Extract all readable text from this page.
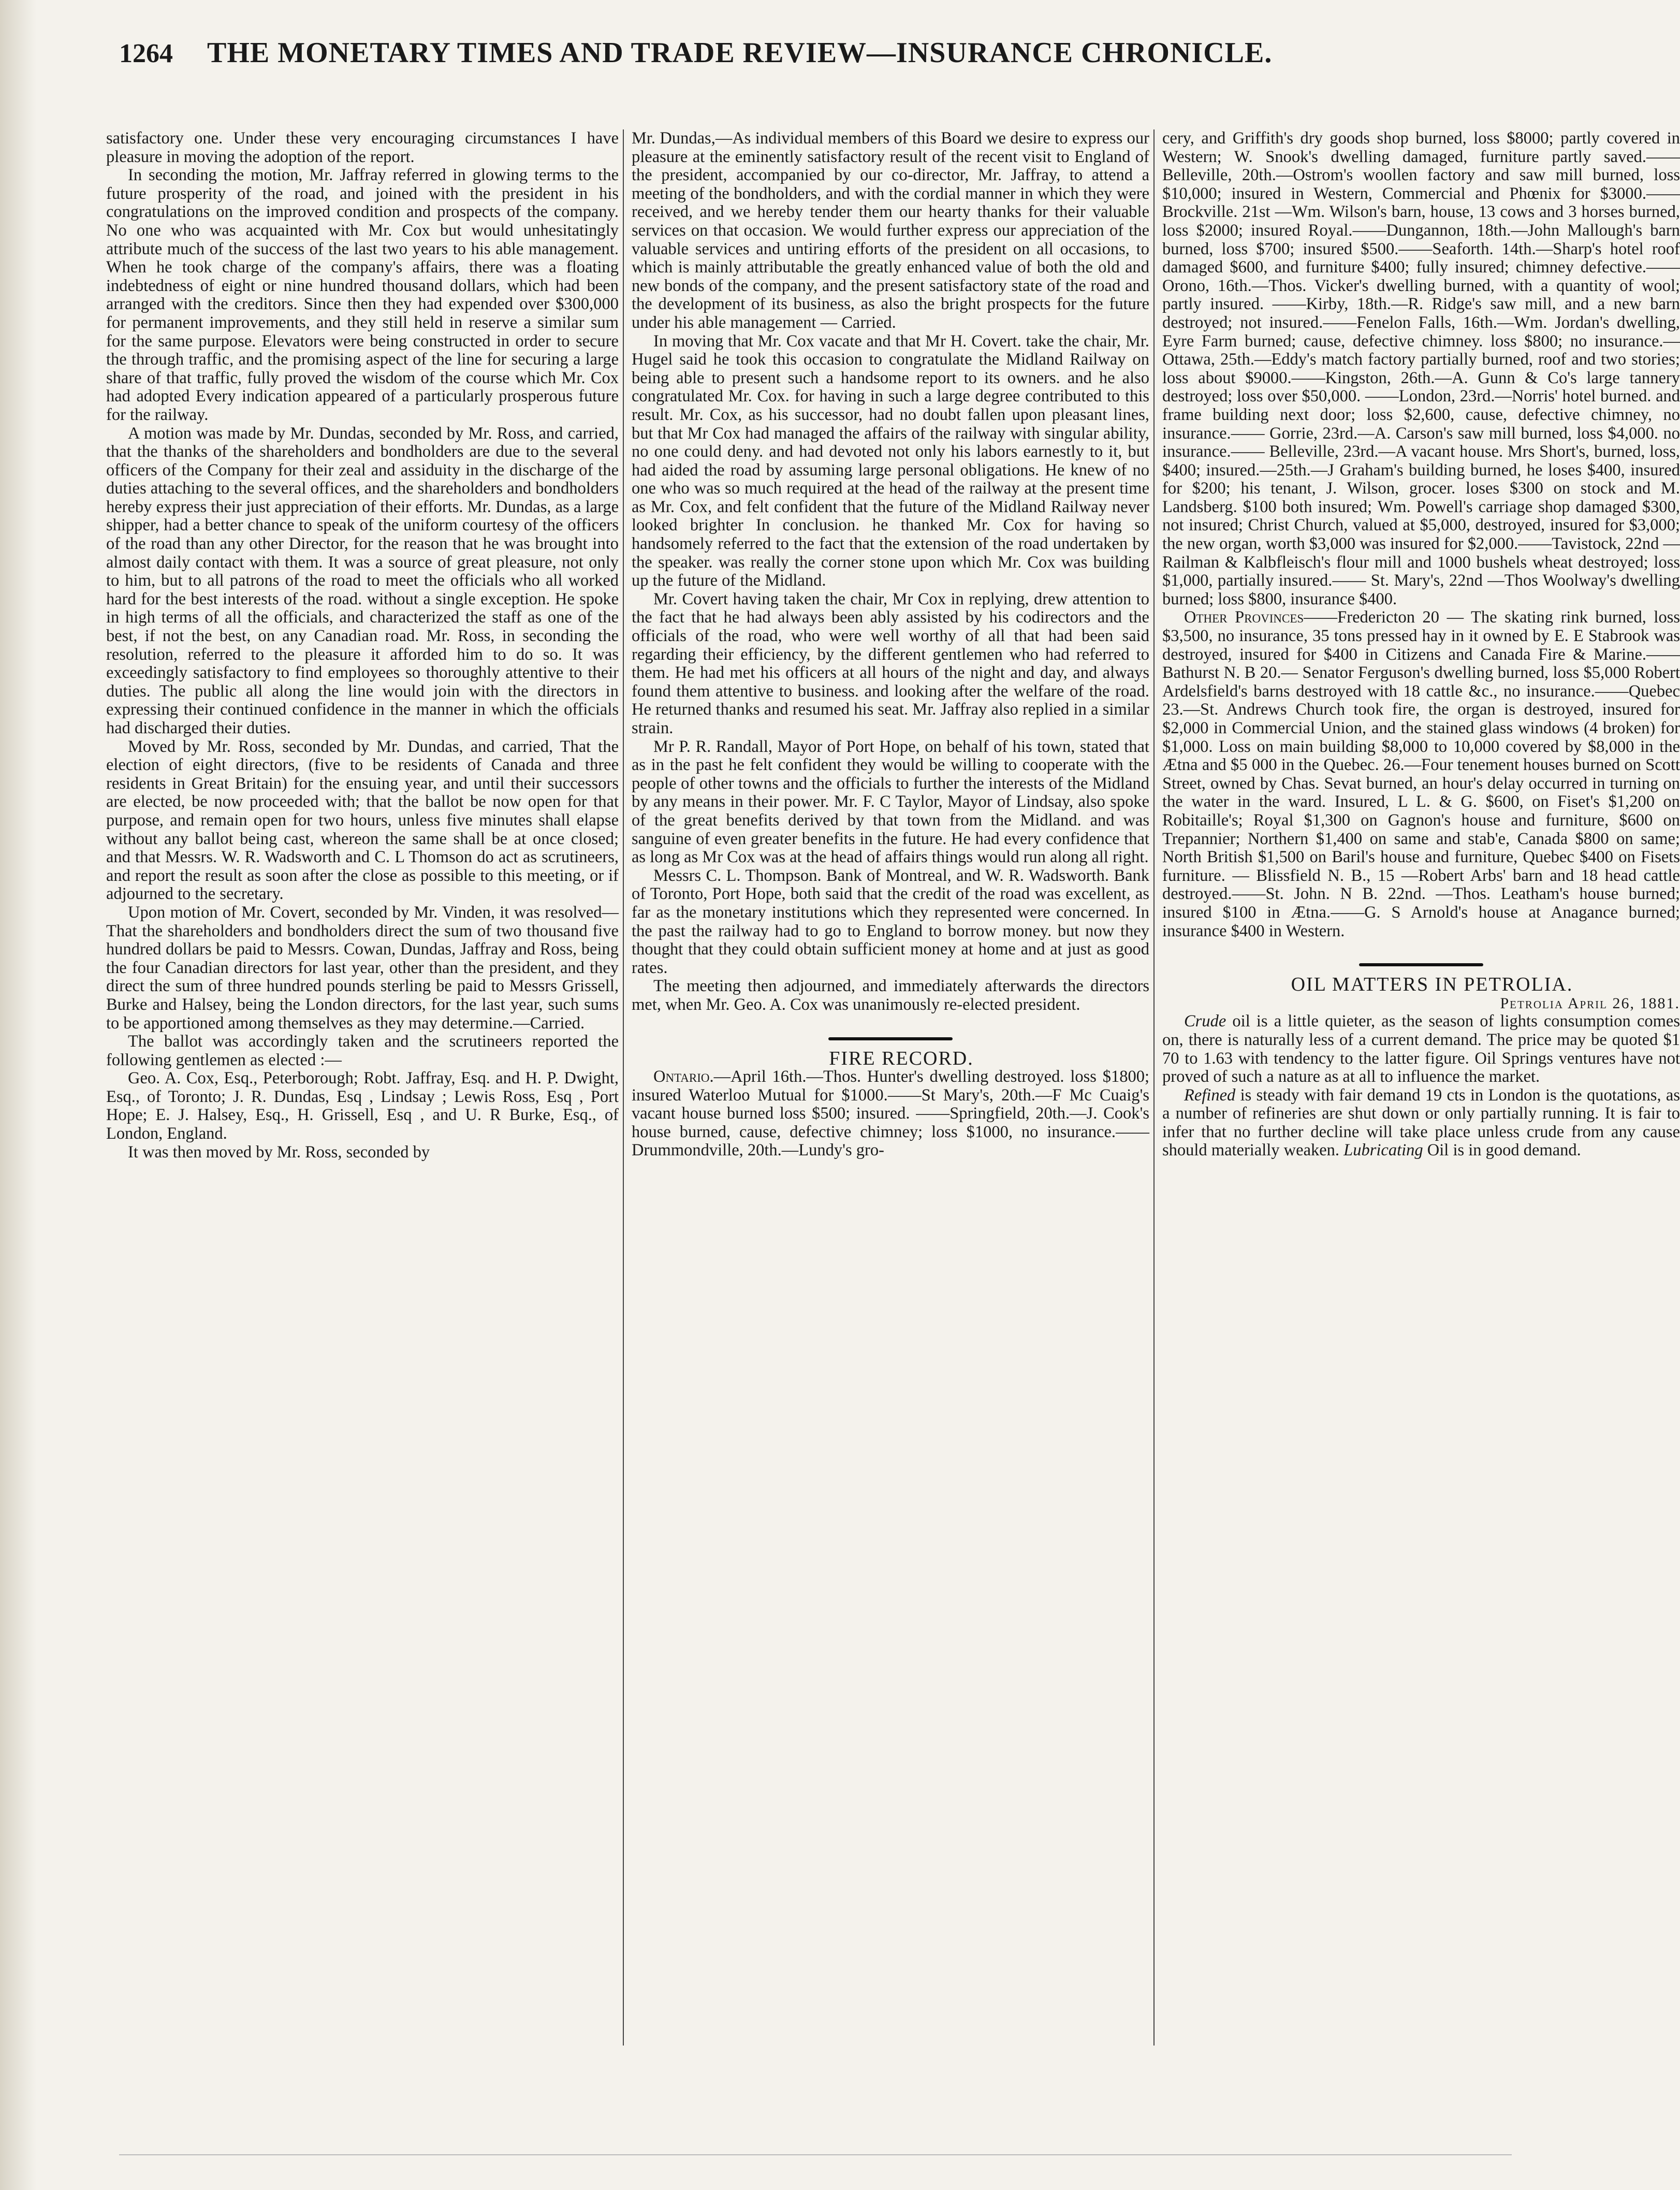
1264	THE MONETARY TIMES AND TRADE REVIEW—INSURANCE CHRONICLE.

satisfactory one. Under these very encouraging circumstances I have pleasure in moving the adoption of the report.

In seconding the motion, Mr. Jaffray referred in glowing terms to the future prosperity of the road, and joined with the president in his congratulations on the improved condition and prospects of the company. No one who was acquainted with Mr. Cox but would unhesitatingly attribute much of the success of the last two years to his able management. When he took charge of the company's affairs, there was a floating indebtedness of eight or nine hundred thousand dollars, which had been arranged with the creditors. Since then they had expended over $300,000 for permanent improvements, and they still held in reserve a similar sum for the same purpose. Elevators were being constructed in order to secure the through traffic, and the promising aspect of the line for securing a large share of that traffic, fully proved the wisdom of the course which Mr. Cox had adopted Every indication appeared of a particularly prosperous future for the railway.

A motion was made by Mr. Dundas, seconded by Mr. Ross, and carried, that the thanks of the shareholders and bondholders are due to the several officers of the Company for their zeal and assiduity in the discharge of the duties attaching to the several offices, and the shareholders and bondholders hereby express their just appreciation of their efforts. Mr. Dundas, as a large shipper, had a better chance to speak of the uniform courtesy of the officers of the road than any other Director, for the reason that he was brought into almost daily contact with them. It was a source of great pleasure, not only to him, but to all patrons of the road to meet the officials who all worked hard for the best interests of the road. without a single exception. He spoke in high terms of all the officials, and characterized the staff as one of the best, if not the best, on any Canadian road. Mr. Ross, in seconding the resolution, referred to the pleasure it afforded him to do so. It was exceedingly satisfactory to find employees so thoroughly attentive to their duties. The public all along the line would join with the directors in expressing their continued confidence in the manner in which the officials had discharged their duties.

Moved by Mr. Ross, seconded by Mr. Dundas, and carried, That the election of eight directors, (five to be residents of Canada and three residents in Great Britain) for the ensuing year, and until their successors are elected, be now proceeded with; that the ballot be now open for that purpose, and remain open for two hours, unless five minutes shall elapse without any ballot being cast, whereon the same shall be at once closed; and that Messrs. W. R. Wadsworth and C. L Thomson do act as scrutineers, and report the result as soon after the close as possible to this meeting, or if adjourned to the secretary.

Upon motion of Mr. Covert, seconded by Mr. Vinden, it was resolved—That the shareholders and bondholders direct the sum of two thousand five hundred dollars be paid to Messrs. Cowan, Dundas, Jaffray and Ross, being the four Canadian directors for last year, other than the president, and they direct the sum of three hundred pounds sterling be paid to Messrs Grissell, Burke and Halsey, being the London directors, for the last year, such sums to be apportioned among themselves as they may determine.—Carried.

The ballot was accordingly taken and the scrutineers reported the following gentlemen as elected :—

Geo. A. Cox, Esq., Peterborough; Robt. Jaffray, Esq. and H. P. Dwight, Esq., of Toronto; J. R. Dundas, Esq , Lindsay ; Lewis Ross, Esq , Port Hope; E. J. Halsey, Esq., H. Grissell, Esq , and U. R Burke, Esq., of London, England.

It was then moved by Mr. Ross, seconded by

Mr. Dundas,—As individual members of this Board we desire to express our pleasure at the eminently satisfactory result of the recent visit to England of the president, accompanied by our co-director, Mr. Jaffray, to attend a meeting of the bondholders, and with the cordial manner in which they were received, and we hereby tender them our hearty thanks for their valuable services on that occasion. We would further express our appreciation of the valuable services and untiring efforts of the president on all occasions, to which is mainly attributable the greatly enhanced value of both the old and new bonds of the company, and the present satisfactory state of the road and the development of its business, as also the bright prospects for the future under his able management — Carried.

In moving that Mr. Cox vacate and that Mr H. Covert. take the chair, Mr. Hugel said he took this occasion to congratulate the Midland Railway on being able to present such a handsome report to its owners. and he also congratulated Mr. Cox. for having in such a large degree contributed to this result. Mr. Cox, as his successor, had no doubt fallen upon pleasant lines, but that Mr Cox had managed the affairs of the railway with singular ability, no one could deny. and had devoted not only his labors earnestly to it, but had aided the road by assuming large personal obligations. He knew of no one who was so much required at the head of the railway at the present time as Mr. Cox, and felt confident that the future of the Midland Railway never looked brighter In conclusion. he thanked Mr. Cox for having so handsomely referred to the fact that the extension of the road undertaken by the speaker. was really the corner stone upon which Mr. Cox was building up the future of the Midland.

Mr. Covert having taken the chair, Mr Cox in replying, drew attention to the fact that he had always been ably assisted by his codirectors and the officials of the road, who were well worthy of all that had been said regarding their efficiency, by the different gentlemen who had referred to them. He had met his officers at all hours of the night and day, and always found them attentive to business. and looking after the welfare of the road. He returned thanks and resumed his seat. Mr. Jaffray also replied in a similar strain.

Mr P. R. Randall, Mayor of Port Hope, on behalf of his town, stated that as in the past he felt confident they would be willing to cooperate with the people of other towns and the officials to further the interests of the Midland by any means in their power. Mr. F. C Taylor, Mayor of Lindsay, also spoke of the great benefits derived by that town from the Midland. and was sanguine of even greater benefits in the future. He had every confidence that as long as Mr Cox was at the head of affairs things would run along all right.

Messrs C. L. Thompson. Bank of Montreal, and W. R. Wadsworth. Bank of Toronto, Port Hope, both said that the credit of the road was excellent, as far as the monetary institutions which they represented were concerned. In the past the railway had to go to England to borrow money. but now they thought that they could obtain sufficient money at home and at just as good rates.

The meeting then adjourned, and immediately afterwards the directors met, when Mr. Geo. A. Cox was unanimously re-elected president.

FIRE RECORD.

Ontario.—April 16th.—Thos. Hunter's dwelling destroyed. loss $1800; insured Waterloo Mutual for $1000.——St Mary's, 20th.—F Mc Cuaig's vacant house burned loss $500; insured. ——Springfield, 20th.—J. Cook's house burned, cause, defective chimney; loss $1000, no insurance.——Drummondville, 20th.—Lundy's gro-

cery, and Griffith's dry goods shop burned, loss $8000; partly covered in Western; W. Snook's dwelling damaged, furniture partly saved.—— Belleville, 20th.—Ostrom's woollen factory and saw mill burned, loss $10,000; insured in Western, Commercial and Phœnix for $3000.—— Brockville. 21st —Wm. Wilson's barn, house, 13 cows and 3 horses burned, loss $2000; insured Royal.——Dungannon, 18th.—John Mallough's barn burned, loss $700; insured $500.——Seaforth. 14th.—Sharp's hotel roof damaged $600, and furniture $400; fully insured; chimney defective.——Orono, 16th.—Thos. Vicker's dwelling burned, with a quantity of wool; partly insured. ——Kirby, 18th.—R. Ridge's saw mill, and a new barn destroyed; not insured.——Fenelon Falls, 16th.—Wm. Jordan's dwelling, Eyre Farm burned; cause, defective chimney. loss $800; no insurance.—Ottawa, 25th.—Eddy's match factory partially burned, roof and two stories; loss about $9000.——Kingston, 26th.—A. Gunn & Co's large tannery destroyed; loss over $50,000. ——London, 23rd.—Norris' hotel burned. and frame building next door; loss $2,600, cause, defective chimney, no insurance.—— Gorrie, 23rd.—A. Carson's saw mill burned, loss $4,000. no insurance.—— Belleville, 23rd.—A vacant house. Mrs Short's, burned, loss, $400; insured.—25th.—J Graham's building burned, he loses $400, insured for $200; his tenant, J. Wilson, grocer. loses $300 on stock and M. Landsberg. $100 both insured; Wm. Powell's carriage shop damaged $300, not insured; Christ Church, valued at $5,000, destroyed, insured for $3,000; the new organ, worth $3,000 was insured for $2,000.——Tavistock, 22nd —Railman & Kalbfleisch's flour mill and 1000 bushels wheat destroyed; loss $1,000, partially insured.—— St. Mary's, 22nd —Thos Woolway's dwelling burned; loss $800, insurance $400.

Other Provinces——Fredericton 20 — The skating rink burned, loss $3,500, no insurance, 35 tons pressed hay in it owned by E. E Stabrook was destroyed, insured for $400 in Citizens and Canada Fire & Marine.——Bathurst N. B 20.— Senator Ferguson's dwelling burned, loss $5,000 Robert Ardelsfield's barns destroyed with 18 cattle &c., no insurance.——Quebec 23.—St. Andrews Church took fire, the organ is destroyed, insured for $2,000 in Commercial Union, and the stained glass windows (4 broken) for $1,000. Loss on main building $8,000 to 10,000 covered by $8,000 in the Ætna and $5 000 in the Quebec. 26.—Four tenement houses burned on Scott Street, owned by Chas. Sevat burned, an hour's delay occurred in turning on the water in the ward. Insured, L L. & G. $600, on Fiset's $1,200 on Robitaille's; Royal $1,300 on Gagnon's house and furniture, $600 on Trepannier; Northern $1,400 on same and stab'e, Canada $800 on same; North British $1,500 on Baril's house and furniture, Quebec $400 on Fisets furniture. — Blissfield N. B., 15 —Robert Arbs' barn and 18 head cattle destroyed.——St. John. N B. 22nd. —Thos. Leatham's house burned; insured $100 in Ætna.——G. S Arnold's house at Anagance burned; insurance $400 in Western.

OIL MATTERS IN PETROLIA.

Petrolia April 26, 1881.

Crude oil is a little quieter, as the season of lights consumption comes on, there is naturally less of a current demand. The price may be quoted $1 70 to 1.63 with tendency to the latter figure. Oil Springs ventures have not proved of such a nature as at all to influence the market.

Refined is steady with fair demand 19 cts in London is the quotations, as a number of refineries are shut down or only partially running. It is fair to infer that no further decline will take place unless crude from any cause should materially weaken. Lubricating Oil is in good demand.
